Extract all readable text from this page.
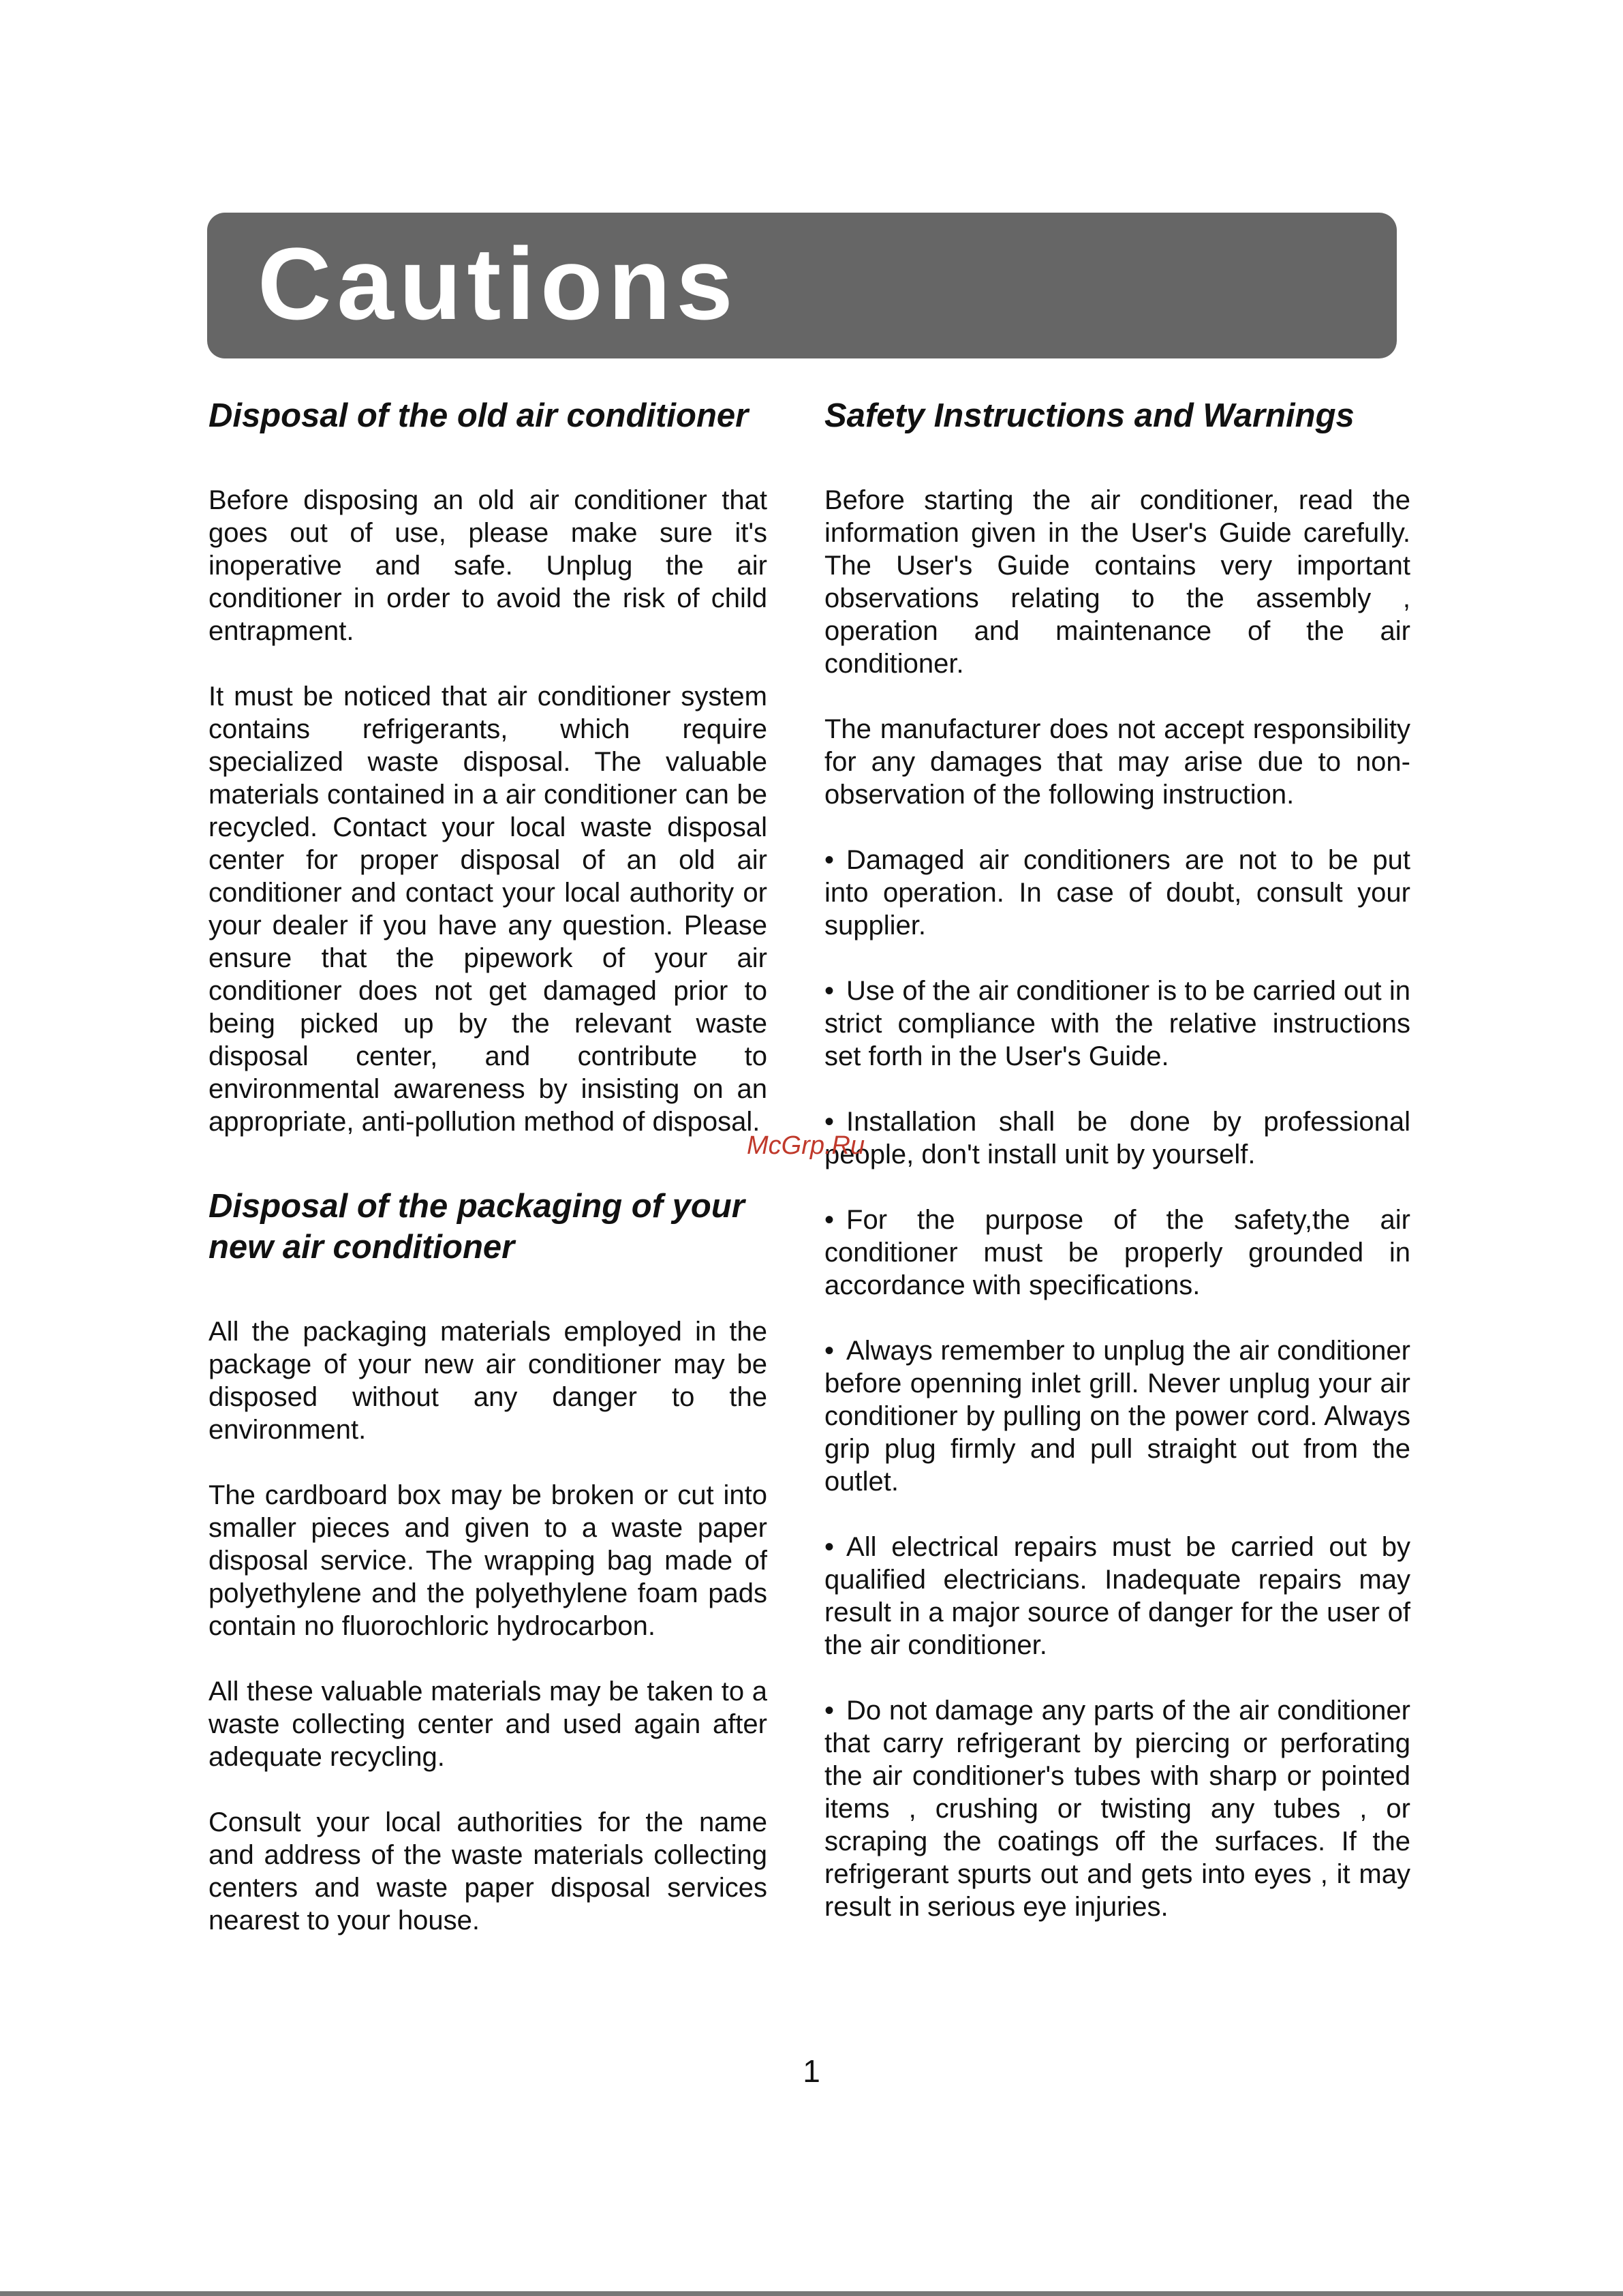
Cautions
Disposal of the old air conditioner

Before disposing an old air conditioner that goes out of use, please make sure it's inoperative and safe. Unplug the air conditioner in order to avoid the risk of child entrapment.

It must be noticed that air conditioner system contains refrigerants, which require specialized waste disposal. The valuable materials contained in a air conditioner can be recycled. Contact your local waste disposal center for proper disposal of an old air conditioner and contact your local authority or your dealer if you have any question. Please ensure that the pipework of your air conditioner does not get damaged prior to being picked up by the relevant waste disposal center, and contribute to environmental awareness by insisting on an appropriate, anti-pollution method of disposal.

Disposal of the packaging of your new air conditioner

All the packaging materials employed in the package of your new air conditioner may be disposed without any danger to the environment.

The cardboard box may be broken or cut into smaller pieces and given to a waste paper disposal service. The wrapping bag made of polyethylene and the polyethylene foam pads contain no fluorochloric hydrocarbon.

All these valuable materials may be taken to a waste collecting center and used again after adequate recycling.

Consult your local authorities for the name and address of the waste materials collecting centers and waste paper disposal services nearest to your house.

Safety Instructions and Warnings

Before starting the air conditioner, read the information given in the User's Guide carefully. The User's Guide contains very important observations relating to the assembly , operation and maintenance of the air conditioner.

The manufacturer does not accept responsibility for any damages that may arise due to non-observation of the following instruction.

• Damaged air conditioners are not to be put into operation. In case of doubt, consult your supplier.

• Use of the air conditioner is to be carried out in strict compliance with the relative instructions set forth in the User's Guide.

• Installation shall be done by professional people, don't install unit by yourself.

• For the purpose of the safety,the air conditioner must be properly grounded in accordance with specifications.

• Always remember to unplug the air conditioner before openning inlet grill. Never unplug your air conditioner by pulling on the power cord. Always grip plug firmly and pull straight out from the outlet.

• All electrical repairs must be carried out by qualified electricians. Inadequate repairs may result in a major source of danger for the user of the air conditioner.

• Do not damage any parts of the air conditioner that carry refrigerant by piercing or perforating the air conditioner's tubes with sharp or pointed items , crushing or twisting any tubes , or scraping the coatings off the surfaces. If the refrigerant spurts out and gets into eyes , it may result in serious eye injuries.

McGrp.Ru
1
